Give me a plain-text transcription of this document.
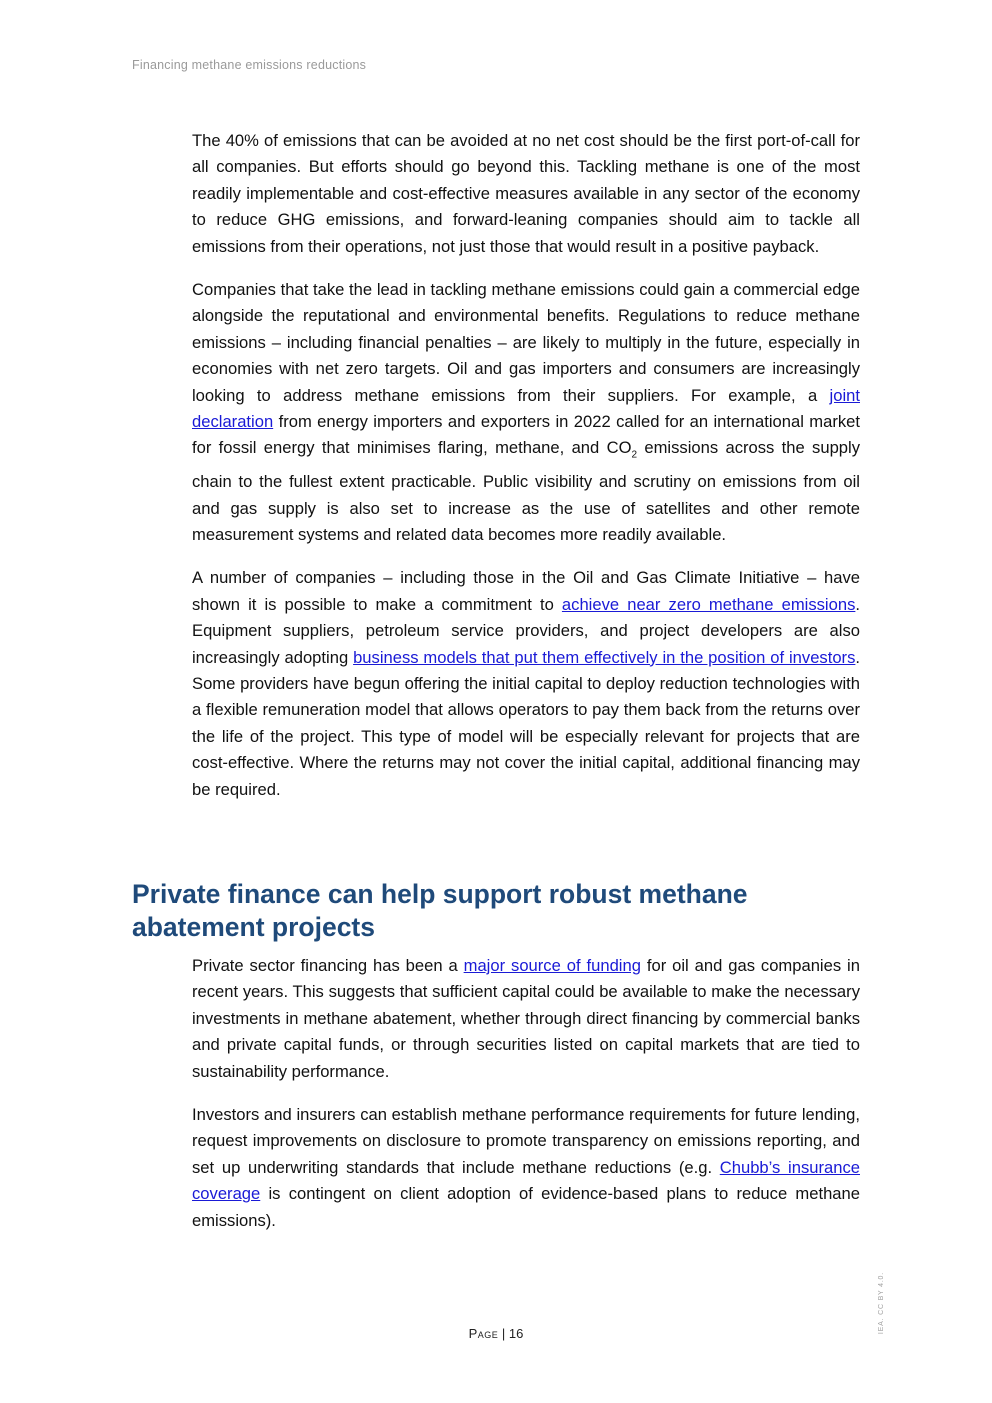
Financing methane emissions reductions

The 40% of emissions that can be avoided at no net cost should be the first port-of-call for all companies. But efforts should go beyond this. Tackling methane is one of the most readily implementable and cost-effective measures available in any sector of the economy to reduce GHG emissions, and forward-leaning companies should aim to tackle all emissions from their operations, not just those that would result in a positive payback.

Companies that take the lead in tackling methane emissions could gain a commercial edge alongside the reputational and environmental benefits. Regulations to reduce methane emissions – including financial penalties – are likely to multiply in the future, especially in economies with net zero targets. Oil and gas importers and consumers are increasingly looking to address methane emissions from their suppliers. For example, a joint declaration from energy importers and exporters in 2022 called for an international market for fossil energy that minimises flaring, methane, and $CO_2$ emissions across the supply chain to the fullest extent practicable. Public visibility and scrutiny on emissions from oil and gas supply is also set to increase as the use of satellites and other remote measurement systems and related data becomes more readily available.

A number of companies – including those in the Oil and Gas Climate Initiative – have shown it is possible to make a commitment to achieve near zero methane emissions. Equipment suppliers, petroleum service providers, and project developers are also increasingly adopting business models that put them effectively in the position of investors. Some providers have begun offering the initial capital to deploy reduction technologies with a flexible remuneration model that allows operators to pay them back from the returns over the life of the project. This type of model will be especially relevant for projects that are cost-effective. Where the returns may not cover the initial capital, additional financing may be required.

Private finance can help support robust methane abatement projects

Private sector financing has been a major source of funding for oil and gas companies in recent years. This suggests that sufficient capital could be available to make the necessary investments in methane abatement, whether through direct financing by commercial banks and private capital funds, or through securities listed on capital markets that are tied to sustainability performance.

Investors and insurers can establish methane performance requirements for future lending, request improvements on disclosure to promote transparency on emissions reporting, and set up underwriting standards that include methane reductions (e.g. Chubb’s insurance coverage is contingent on client adoption of evidence-based plans to reduce methane emissions).

Page | 16	IEA. CC BY 4.0.
